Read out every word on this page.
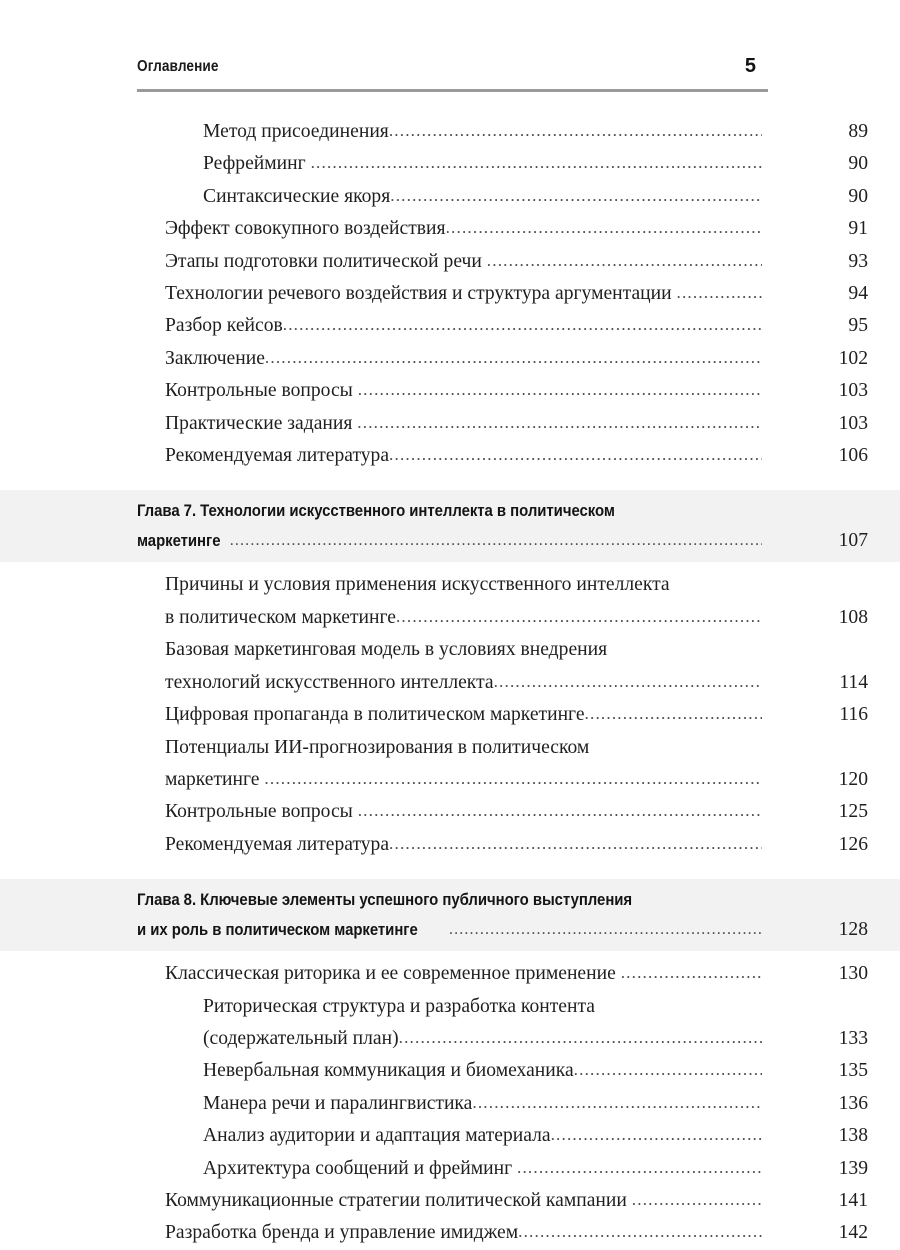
Оглавление	5
Метод присоединения .....	89
Рефрейминг .....	90
Синтаксические якоря .....	90
Эффект совокупного воздействия .....	91
Этапы подготовки политической речи .....	93
Технологии речевого воздействия и структура аргументации .....	94
Разбор кейсов .....	95
Заключение .....	102
Контрольные вопросы .....	103
Практические задания .....	103
Рекомендуемая литература .....	106
Глава 7. Технологии искусственного интеллекта в политическом
маркетинге .....	107
Причины и условия применения искусственного интеллекта
в политическом маркетинге .....	108
Базовая маркетинговая модель в условиях внедрения
технологий искусственного интеллекта .....	114
Цифровая пропаганда в политическом маркетинге .....	116
Потенциалы ИИ-прогнозирования в политическом
маркетинге .....	120
Контрольные вопросы .....	125
Рекомендуемая литература .....	126
Глава 8. Ключевые элементы успешного публичного выступления
и их роль в политическом маркетинге .....	128
Классическая риторика и ее современное применение .....	130
Риторическая структура и разработка контента
(содержательный план) .....	133
Невербальная коммуникация и биомеханика .....	135
Манера речи и паралингвистика .....	136
Анализ аудитории и адаптация материала .....	138
Архитектура сообщений и фрейминг .....	139
Коммуникационные стратегии политической кампании .....	141
Разработка бренда и управление имиджем .....	142
